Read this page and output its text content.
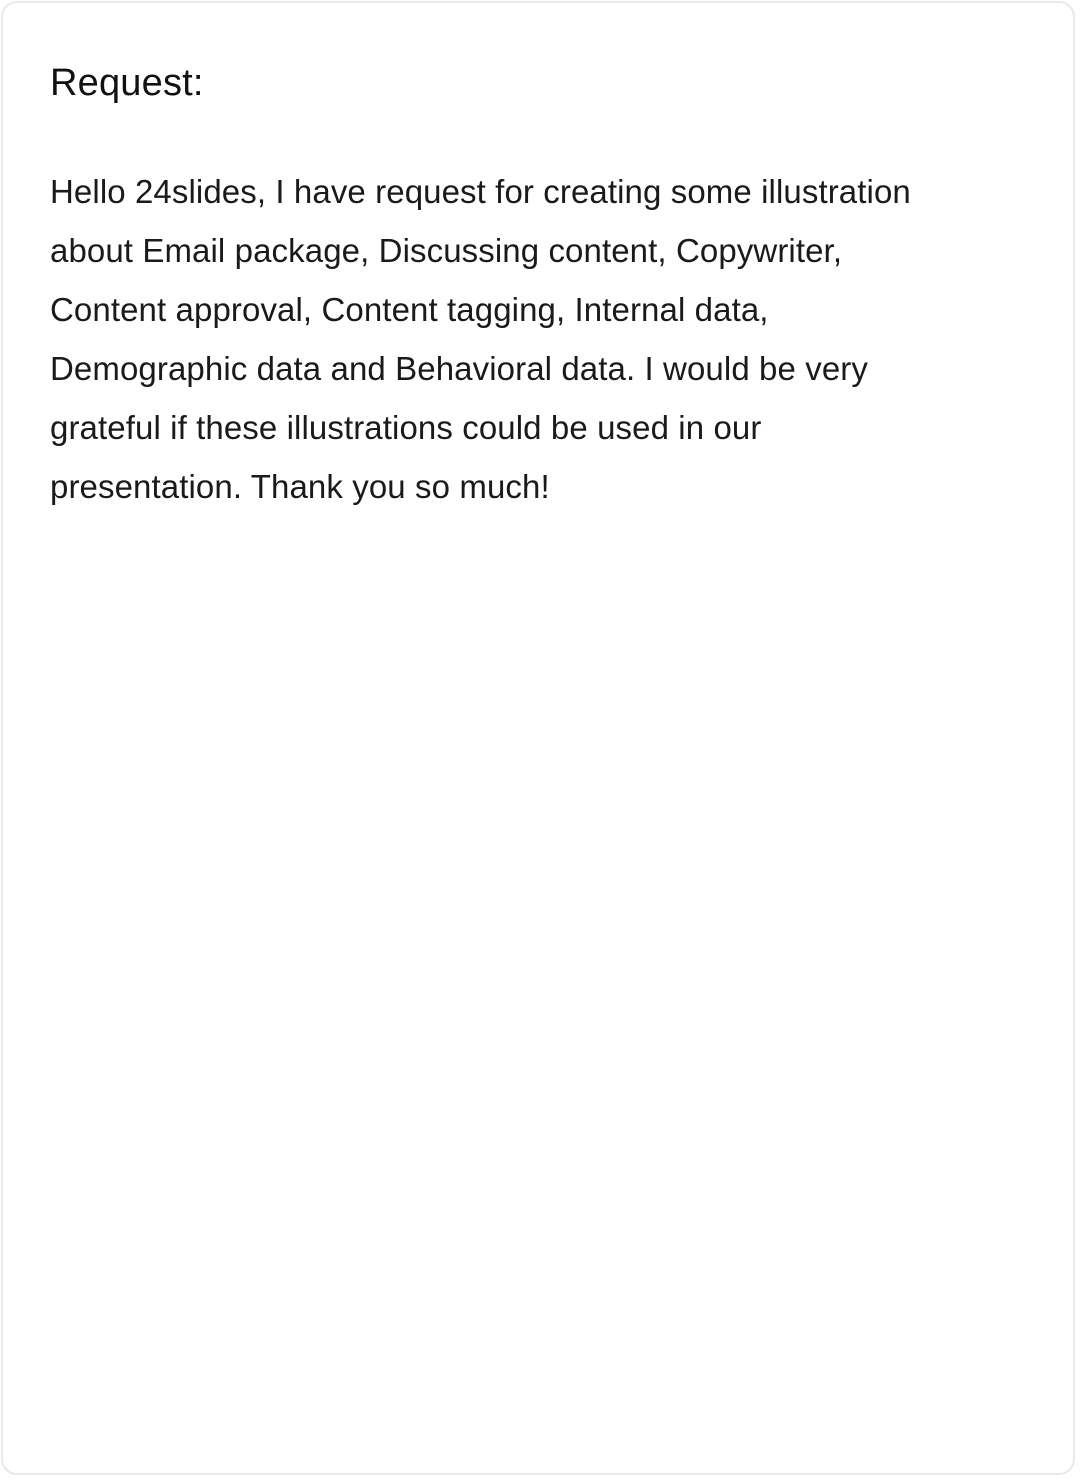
Request:

Hello 24slides, I have request for creating some illustration
about Email package, Discussing content, Copywriter,
Content approval, Content tagging, Internal data,
Demographic data and Behavioral data. I would be very
grateful if these illustrations could be used in our
presentation. Thank you so much!
